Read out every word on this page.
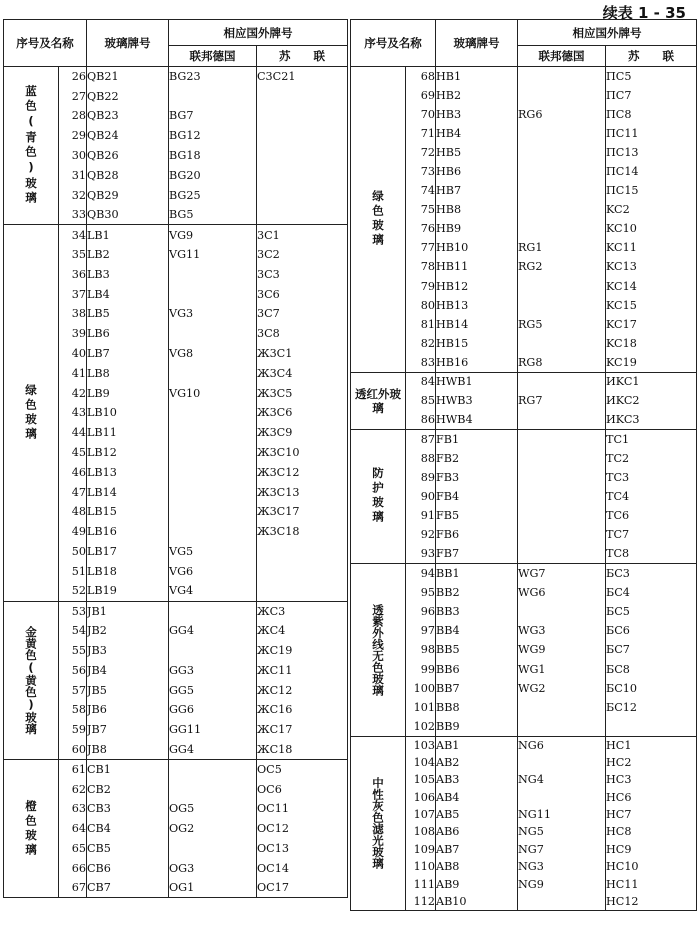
续表 1 - 35
序号及名称		玻璃牌号	相应国外牌号	
			联邦德国	苏　　联
蓝色(青色)玻璃	26	QB21	BG23	C3C21
	27	QB22		
	28	QB23	BG7	
	29	QB24	BG12	
	30	QB26	BG18	
	31	QB28	BG20	
	32	QB29	BG25	
	33	QB30	BG5	
绿色玻璃	34	LB1	VG9	3C1
	35	LB2	VG11	3C2
	36	LB3		3C3
	37	LB4		3C6
	38	LB5	VG3	3C7
	39	LB6		3C8
	40	LB7	VG8	Ж3C1
	41	LB8		Ж3C4
	42	LB9	VG10	Ж3C5
	43	LB10		Ж3C6
	44	LB11		Ж3C9
	45	LB12		Ж3C10
	46	LB13		Ж3C12
	47	LB14		Ж3C13
	48	LB15		Ж3C17
	49	LB16		Ж3C18
	50	LB17	VG5	
	51	LB18	VG6	
	52	LB19	VG4	
金黄色(黄色)玻璃	53	JB1		ЖC3
	54	JB2	GG4	ЖC4
	55	JB3		ЖC19
	56	JB4	GG3	ЖC11
	57	JB5	GG5	ЖC12
	58	JB6	GG6	ЖC16
	59	JB7	GG11	ЖC17
	60	JB8	GG4	ЖC18
橙色玻璃	61	CB1		OC5
	62	CB2		OC6
	63	CB3	OG5	OC11
	64	CB4	OG2	OC12
	65	CB5		OC13
	66	CB6	OG3	OC14
	67	CB7	OG1	OC17
序号及名称		玻璃牌号	相应国外牌号	
			联邦德国	苏　　联
绿色玻璃	68	HB1		ПC5
	69	HB2		ПC7
	70	HB3	RG6	ПC8
	71	HB4		ПC11
	72	HB5		ПC13
	73	HB6		ПC14
	74	HB7		ПC15
	75	HB8		KC2
	76	HB9		KC10
	77	HB10	RG1	KC11
	78	HB11	RG2	KC13
	79	HB12		KC14
	80	HB13		KC15
	81	HB14	RG5	KC17
	82	HB15		KC18
	83	HB16	RG8	KC19
透红外玻璃	84	HWB1		ИKC1
	85	HWB3	RG7	ИKC2
	86	HWB4		ИKC3
防护玻璃	87	FB1		TC1
	88	FB2		TC2
	89	FB3		TC3
	90	FB4		TC4
	91	FB5		TC6
	92	FB6		TC7
	93	FB7		TC8
透紫外线无色玻璃	94	BB1	WG7	БC3
	95	BB2	WG6	БC4
	96	BB3		БC5
	97	BB4	WG3	БC6
	98	BB5	WG9	БC7
	99	BB6	WG1	БC8
	100	BB7	WG2	БC10
	101	BB8		БC12
	102	BB9		
中性灰色滤光玻璃	103	AB1	NG6	HC1
	104	AB2		HC2
	105	AB3	NG4	HC3
	106	AB4		HC6
	107	AB5	NG11	HC7
	108	AB6	NG5	HC8
	109	AB7	NG7	HC9
	110	AB8	NG3	HC10
	111	AB9	NG9	HC11
	112	AB10		HC12
